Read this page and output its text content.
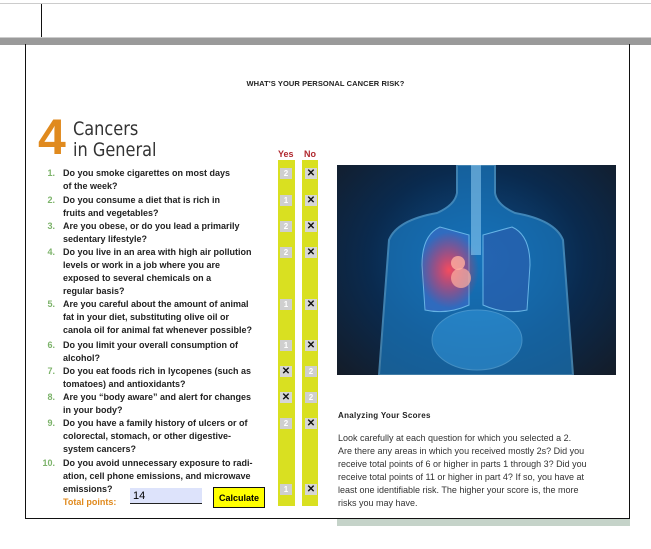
WHAT'S YOUR PERSONAL CANCER RISK?
4 Cancers
in General	Yes No
1. Do you smoke cigarettes on most days
of the week?
2	✕
2. Do you consume a diet that is rich in
fruits and vegetables?
1	✕
3. Are you obese, or do you lead a primarily
sedentary lifestyle?
2	✕
4. Do you live in an area with high air pollution
levels or work in a job where you are
exposed to several chemicals on a
regular basis?
2	✕
5. Are you careful about the amount of animal
fat in your diet, substituting olive oil or
canola oil for animal fat whenever possible?
1	✕
6. Do you limit your overall consumption of
alcohol?
1	✕
7. Do you eat foods rich in lycopenes (such as
tomatoes) and antioxidants?
✕	2
8. Are you “body aware” and alert for changes
in your body?
✕	2
9. Do you have a family history of ulcers or of
colorectal, stomach, or other digestive-
system cancers?
2	✕
10. Do you avoid unnecessary exposure to radi-
ation, cell phone emissions, and microwave
emissions?	1	✕
Total points:
14	Calculate
Analyzing Your Scores
Look carefully at each question for which you selected a 2.
Are there any areas in which you received mostly 2s? Did you
receive total points of 6 or higher in parts 1 through 3? Did you
receive total points of 11 or higher in part 4? If so, you have at
least one identifiable risk. The higher your score is, the more
risks you may have.
